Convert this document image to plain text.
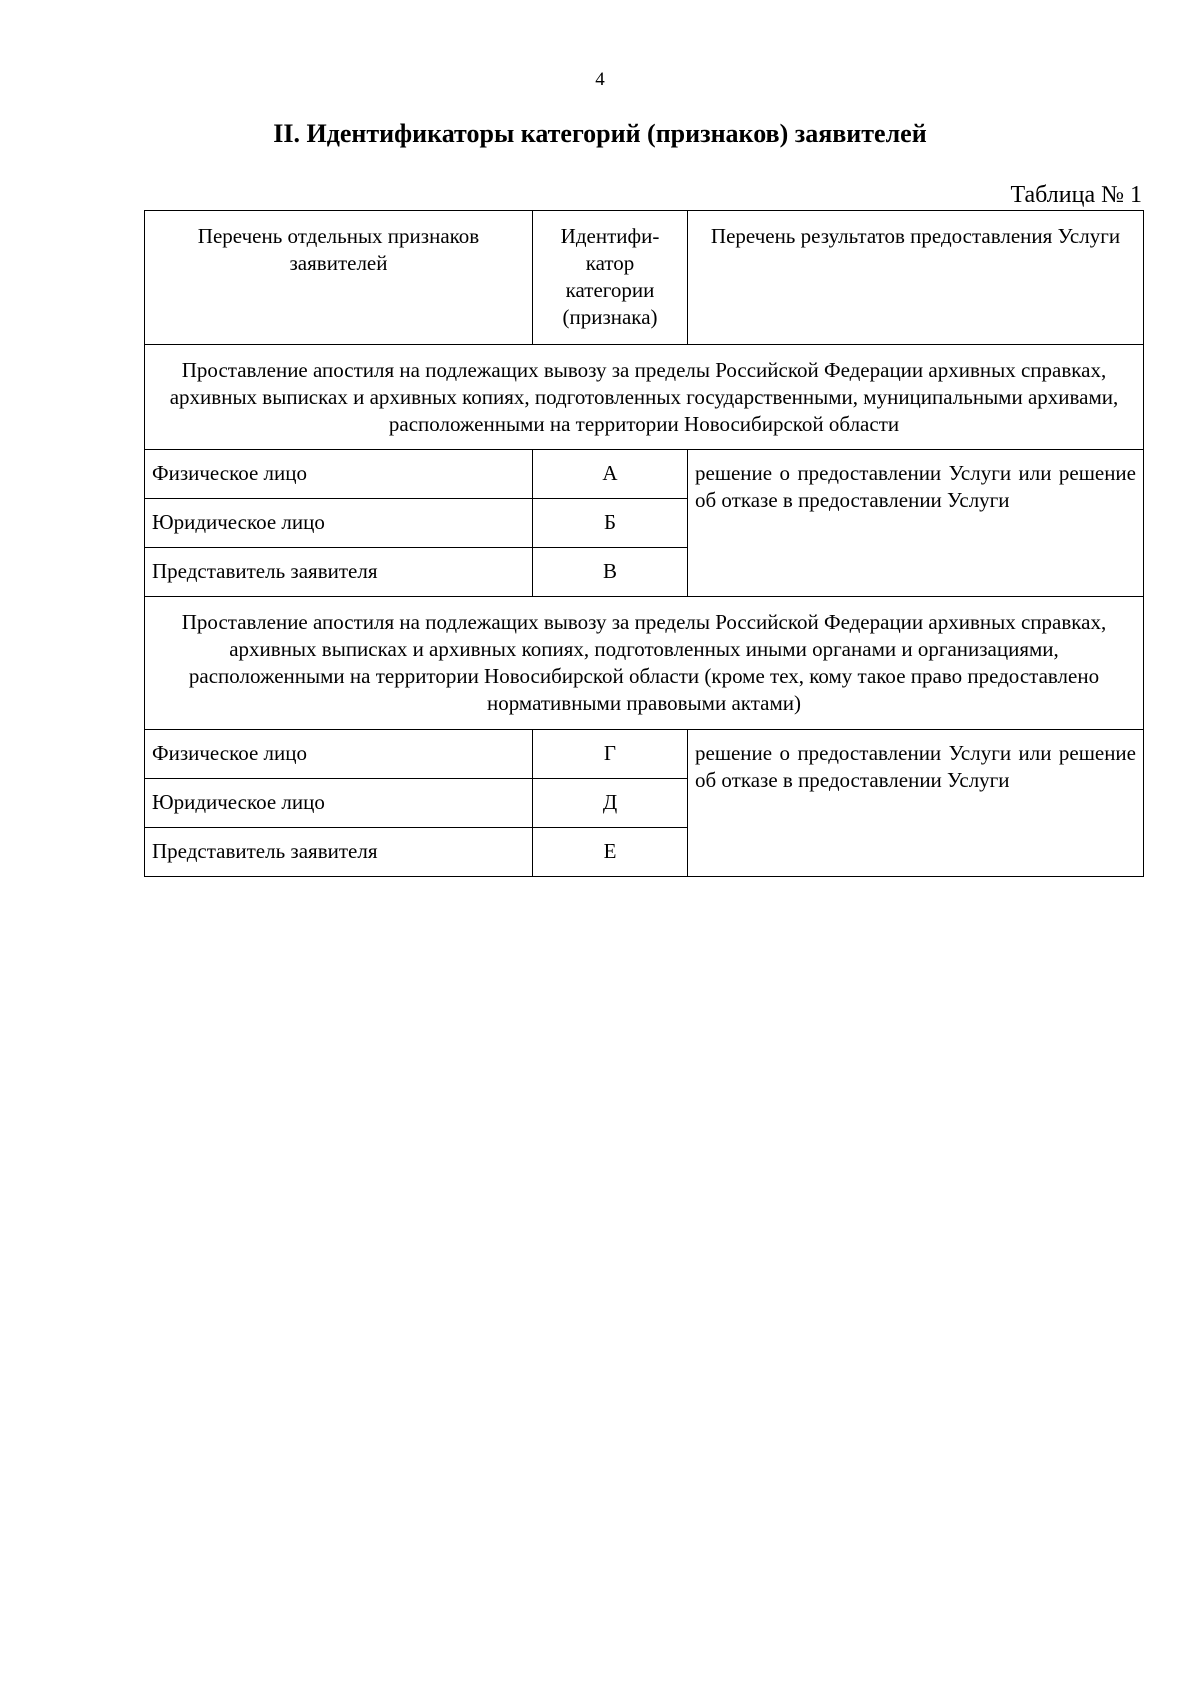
4
II. Идентификаторы категорий (признаков) заявителей
Таблица № 1
Перечень отдельных признаков заявителей	Идентифи-катор категории (признака)	Перечень результатов предоставления Услуги
Проставление апостиля на подлежащих вывозу за пределы Российской Федерации архивных справках, архивных выписках и архивных копиях, подготовленных государственными, муниципальными архивами, расположенными на территории Новосибирской области		
Физическое лицо	А	решение о предоставлении Услуги или решение об отказе в предоставлении Услуги
Юридическое лицо	Б	
Представитель заявителя	В	
Проставление апостиля на подлежащих вывозу за пределы Российской Федерации архивных справках, архивных выписках и архивных копиях, подготовленных иными органами и организациями, расположенными на территории Новосибирской области (кроме тех, кому такое право предоставлено нормативными правовыми актами)		
Физическое лицо	Г	решение о предоставлении Услуги или решение об отказе в предоставлении Услуги
Юридическое лицо	Д	
Представитель заявителя	Е	
